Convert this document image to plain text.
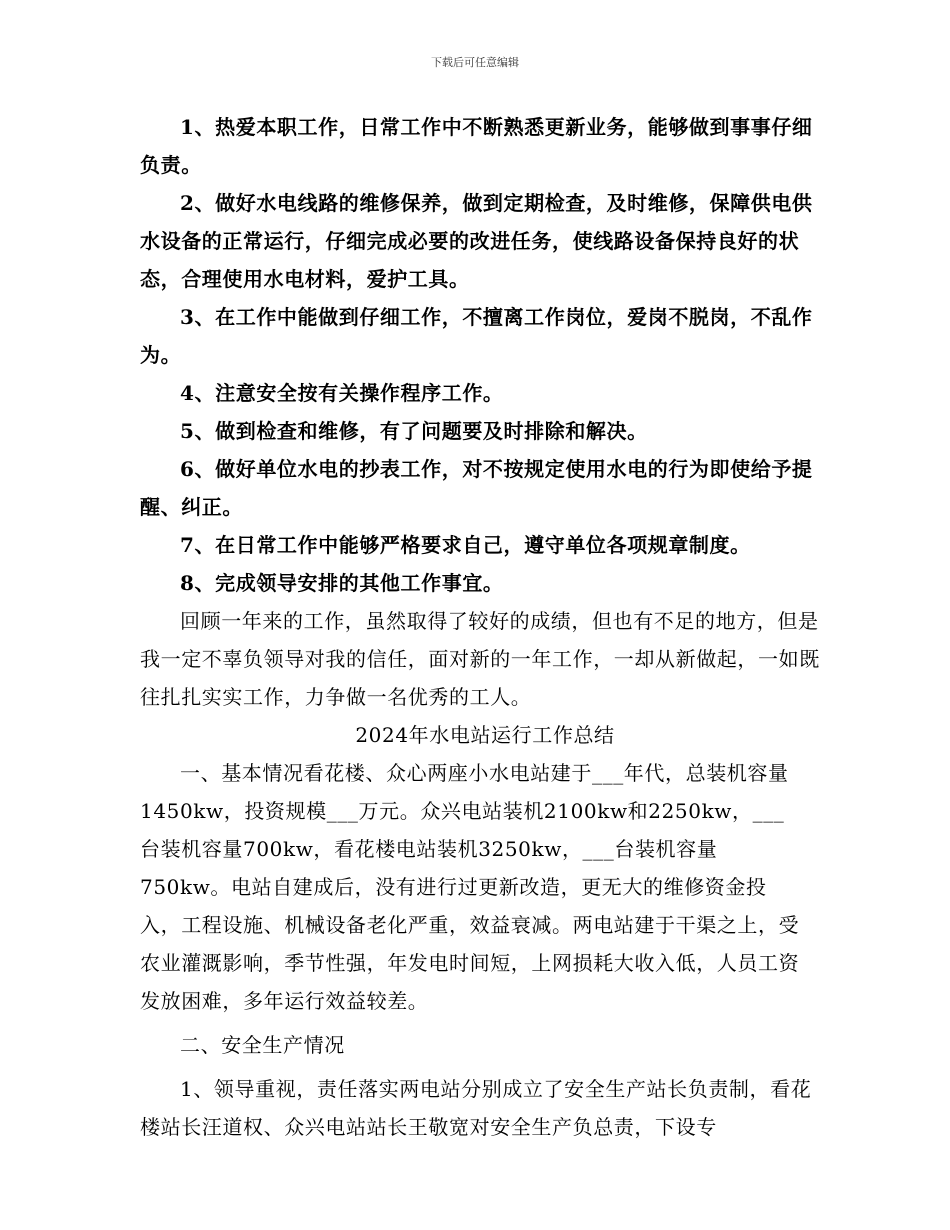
下载后可任意编辑

1、热爱本职工作，日常工作中不断熟悉更新业务，能够做到事事仔细负责。

2、做好水电线路的维修保养，做到定期检查，及时维修，保障供电供水设备的正常运行，仔细完成必要的改进任务，使线路设备保持良好的状态，合理使用水电材料，爱护工具。

3、在工作中能做到仔细工作，不擅离工作岗位，爱岗不脱岗，不乱作为。

4、注意安全按有关操作程序工作。

5、做到检查和维修，有了问题要及时排除和解决。

6、做好单位水电的抄表工作，对不按规定使用水电的行为即使给予提醒、纠正。

7、在日常工作中能够严格要求自己，遵守单位各项规章制度。

8、完成领导安排的其他工作事宜。

回顾一年来的工作，虽然取得了较好的成绩，但也有不足的地方，但是我一定不辜负领导对我的信任，面对新的一年工作，一却从新做起，一如既往扎扎实实工作，力争做一名优秀的工人。

2024年水电站运行工作总结

一、基本情况看花楼、众心两座小水电站建于___年代，总装机容量1450kw，投资规模___万元。众兴电站装机2100kw和2250kw，___台装机容量700kw，看花楼电站装机3250kw，___台装机容量750kw。电站自建成后，没有进行过更新改造，更无大的维修资金投入，工程设施、机械设备老化严重，效益衰减。两电站建于干渠之上，受农业灌溉影响，季节性强，年发电时间短，上网损耗大收入低，人员工资发放困难，多年运行效益较差。

二、安全生产情况

1、领导重视，责任落实两电站分别成立了安全生产站长负责制，看花楼站长汪道权、众兴电站站长王敬宽对安全生产负总责，下设专
